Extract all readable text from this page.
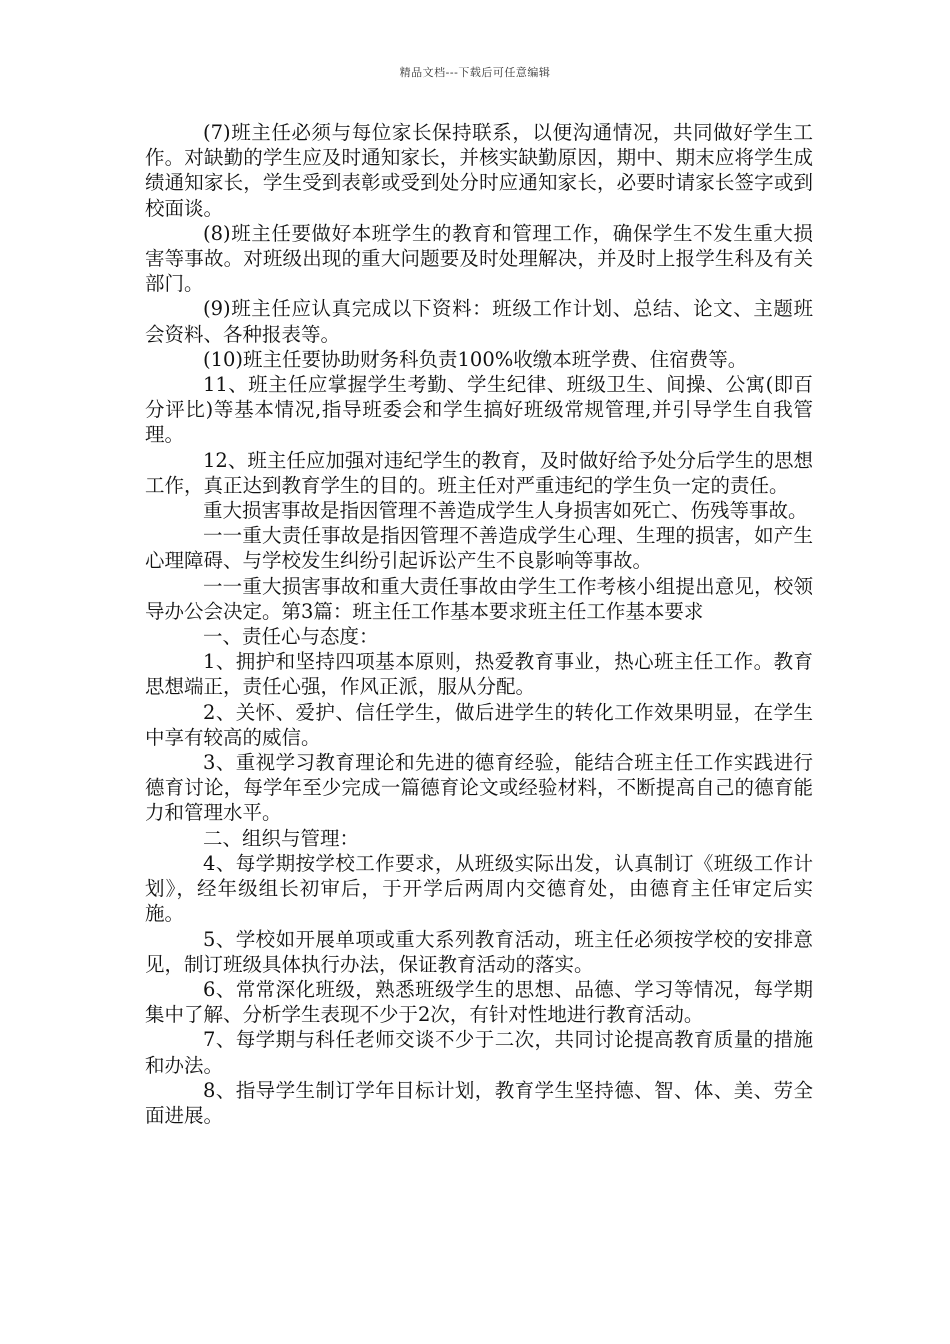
精品文档---下载后可任意编辑

(7)班主任必须与每位家长保持联系，以便沟通情况，共同做好学生工作。对缺勤的学生应及时通知家长，并核实缺勤原因，期中、期末应将学生成绩通知家长，学生受到表彰或受到处分时应通知家长，必要时请家长签字或到校面谈。

(8)班主任要做好本班学生的教育和管理工作，确保学生不发生重大损害等事故。对班级出现的重大问题要及时处理解决，并及时上报学生科及有关部门。

(9)班主任应认真完成以下资料：班级工作计划、总结、论文、主题班会资料、各种报表等。

(10)班主任要协助财务科负责100%收缴本班学费、住宿费等。

11、班主任应掌握学生考勤、学生纪律、班级卫生、间操、公寓(即百分评比)等基本情况,指导班委会和学生搞好班级常规管理,并引导学生自我管理。

12、班主任应加强对违纪学生的教育，及时做好给予处分后学生的思想工作，真正达到教育学生的目的。班主任对严重违纪的学生负一定的责任。

重大损害事故是指因管理不善造成学生人身损害如死亡、伤残等事故。

一一重大责任事故是指因管理不善造成学生心理、生理的损害，如产生心理障碍、与学校发生纠纷引起诉讼产生不良影响等事故。

一一重大损害事故和重大责任事故由学生工作考核小组提出意见，校领导办公会决定。第3篇：班主任工作基本要求班主任工作基本要求

一、责任心与态度：

1、拥护和坚持四项基本原则，热爱教育事业，热心班主任工作。教育思想端正，责任心强，作风正派，服从分配。

2、关怀、爱护、信任学生，做后进学生的转化工作效果明显，在学生中享有较高的威信。

3、重视学习教育理论和先进的德育经验，能结合班主任工作实践进行德育讨论，每学年至少完成一篇德育论文或经验材料，不断提高自己的德育能力和管理水平。

二、组织与管理：

4、每学期按学校工作要求，从班级实际出发，认真制订《班级工作计划》，经年级组长初审后，于开学后两周内交德育处，由德育主任审定后实施。

5、学校如开展单项或重大系列教育活动，班主任必须按学校的安排意见，制订班级具体执行办法，保证教育活动的落实。

6、常常深化班级，熟悉班级学生的思想、品德、学习等情况，每学期集中了解、分析学生表现不少于2次，有针对性地进行教育活动。

7、每学期与科任老师交谈不少于二次，共同讨论提高教育质量的措施和办法。

8、指导学生制订学年目标计划，教育学生坚持德、智、体、美、劳全面进展。
